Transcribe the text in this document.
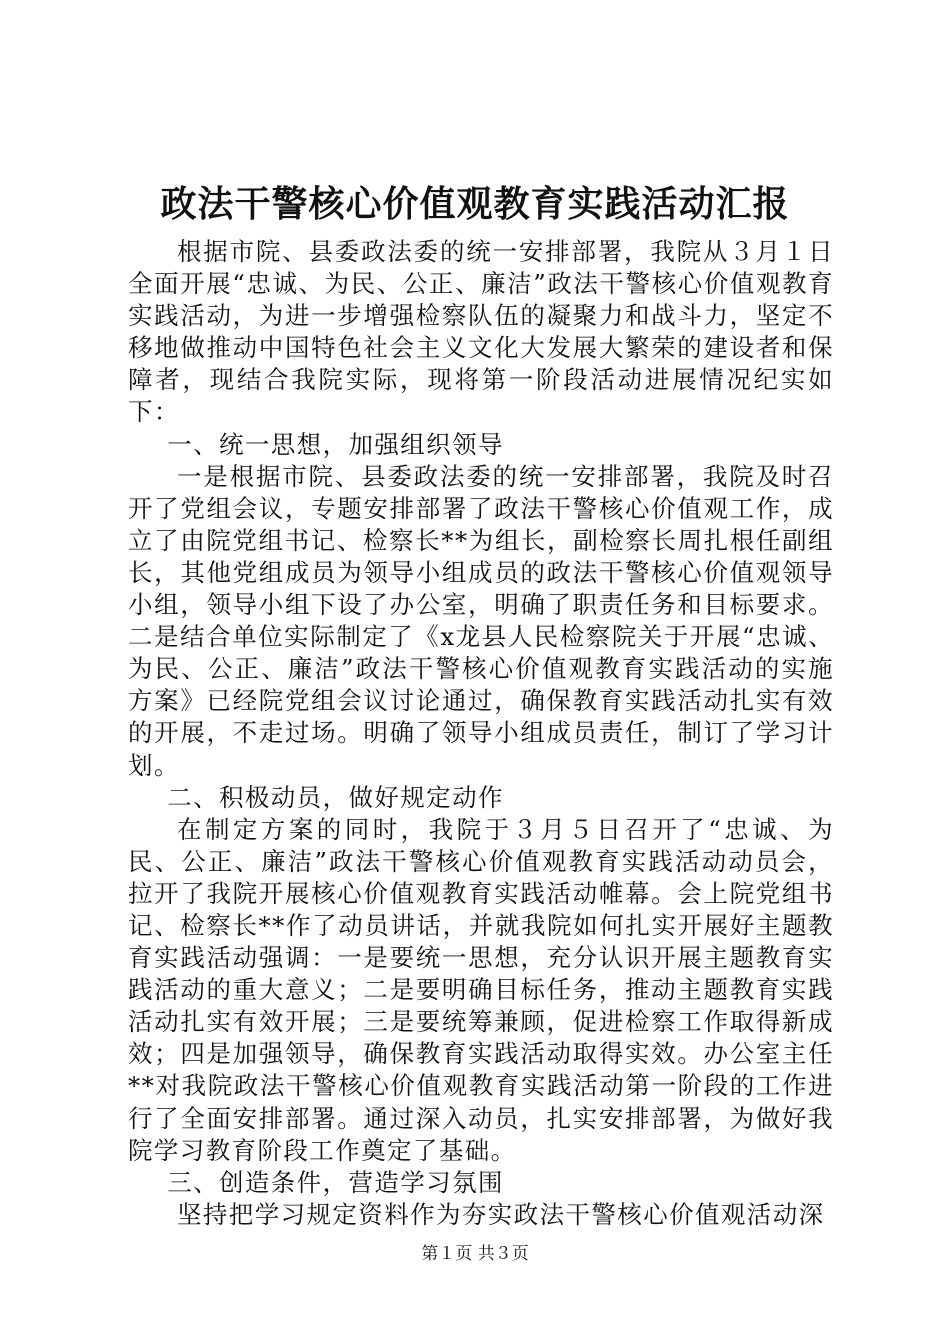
政法干警核心价值观教育实践活动汇报

根据市院、县委政法委的统一安排部署，我院从３月１日全面开展“忠诚、为民、公正、廉洁”政法干警核心价值观教育实践活动，为进一步增强检察队伍的凝聚力和战斗力，坚定不移地做推动中国特色社会主义文化大发展大繁荣的建设者和保障者，现结合我院实际，现将第一阶段活动进展情况纪实如下：

一、统一思想，加强组织领导

一是根据市院、县委政法委的统一安排部署，我院及时召开了党组会议，专题安排部署了政法干警核心价值观工作，成立了由院党组书记、检察长**为组长，副检察长周扎根任副组长，其他党组成员为领导小组成员的政法干警核心价值观领导小组，领导小组下设了办公室，明确了职责任务和目标要求。二是结合单位实际制定了《x龙县人民检察院关于开展“忠诚、为民、公正、廉洁”政法干警核心价值观教育实践活动的实施方案》已经院党组会议讨论通过，确保教育实践活动扎实有效的开展，不走过场。明确了领导小组成员责任，制订了学习计划。

二、积极动员，做好规定动作

在制定方案的同时，我院于３月５日召开了“忠诚、为民、公正、廉洁”政法干警核心价值观教育实践活动动员会，拉开了我院开展核心价值观教育实践活动帷幕。会上院党组书记、检察长**作了动员讲话，并就我院如何扎实开展好主题教育实践活动强调：一是要统一思想，充分认识开展主题教育实践活动的重大意义；二是要明确目标任务，推动主题教育实践活动扎实有效开展；三是要统筹兼顾，促进检察工作取得新成效；四是加强领导，确保教育实践活动取得实效。办公室主任**对我院政法干警核心价值观教育实践活动第一阶段的工作进行了全面安排部署。通过深入动员，扎实安排部署，为做好我院学习教育阶段工作奠定了基础。

三、创造条件，营造学习氛围

坚持把学习规定资料作为夯实政法干警核心价值观活动深

第１页 共３页
